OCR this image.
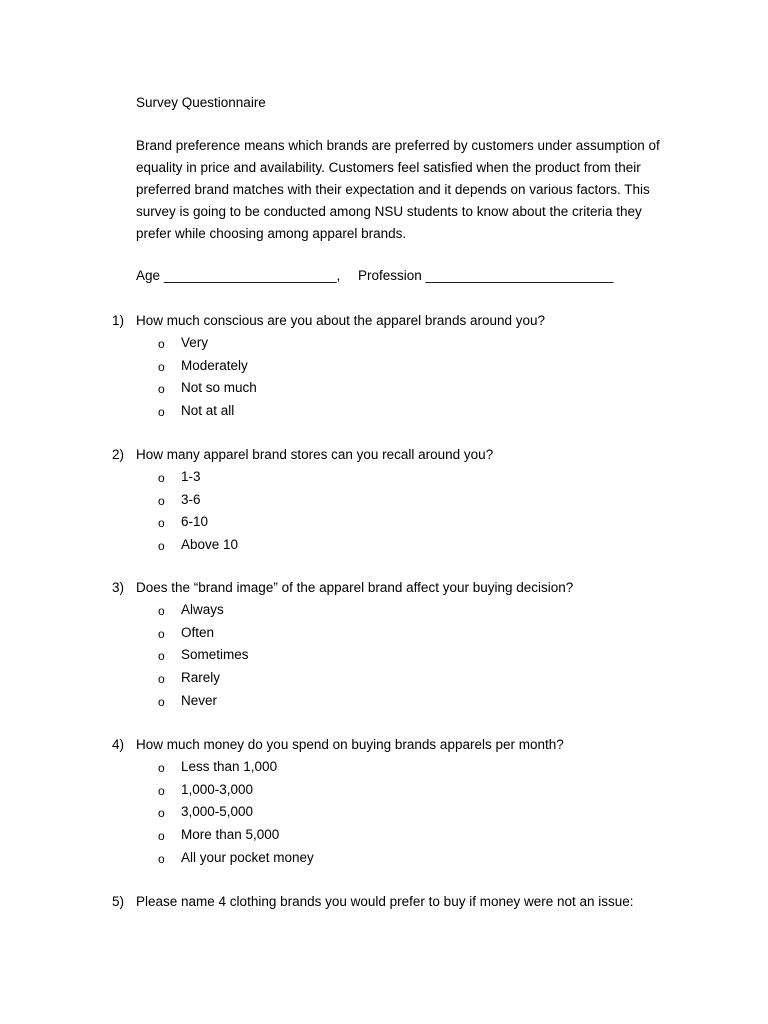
Survey Questionnaire
Brand preference means which brands are preferred by customers under assumption of
equality in price and availability. Customers feel satisfied when the product from their
preferred brand matches with their expectation and it depends on various factors. This
survey is going to be conducted among NSU students to know about the criteria they
prefer while choosing among apparel brands.
Age _______________________, Profession _________________________
1) How much conscious are you about the apparel brands around you?
o Very
o Moderately
o Not so much
o Not at all
2) How many apparel brand stores can you recall around you?
o 1-3
o 3-6
o 6-10
o Above 10
3) Does the “brand image” of the apparel brand affect your buying decision?
o Always
o Often
o Sometimes
o Rarely
o Never
4) How much money do you spend on buying brands apparels per month?
o Less than 1,000
o 1,000-3,000
o 3,000-5,000
o More than 5,000
o All your pocket money
5) Please name 4 clothing brands you would prefer to buy if money were not an issue:
